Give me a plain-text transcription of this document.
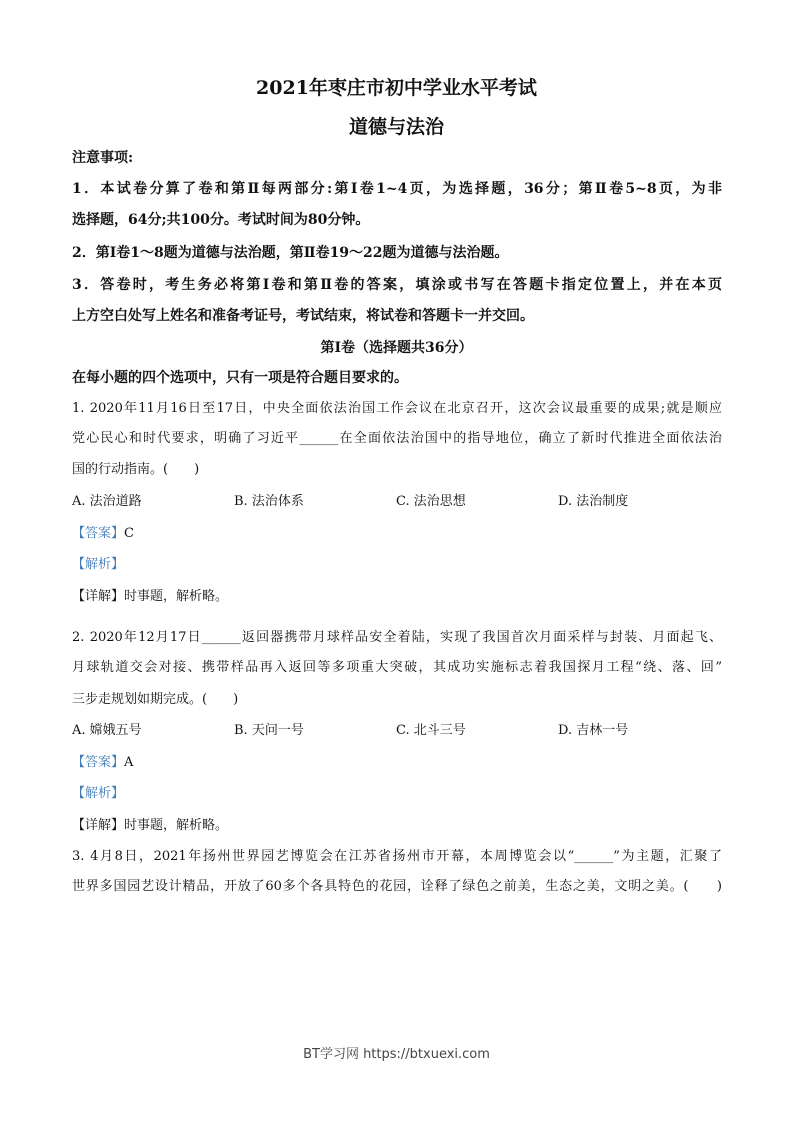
2021年枣庄市初中学业水平考试
道德与法治
注意事项:
1．本试卷分算了卷和第Ⅱ每两部分:第Ⅰ卷1~4页，为选择题，36分；第Ⅱ卷5~8页，为非
选择题，64分;共100分。考试时间为80分钟。
2．第I卷1～8题为道德与法治题，第Ⅱ卷19～22题为道德与法治题。
3．答卷时，考生务必将第Ⅰ卷和第Ⅱ卷的答案，填涂或书写在答题卡指定位置上，并在本页
上方空白处写上姓名和准备考证号，考试结束，将试卷和答题卡一并交回。
第I卷（选择题共36分）
在每小题的四个选项中，只有一项是符合题目要求的。
1. 2020年11月16日至17日，中央全面依法治国工作会议在北京召开，这次会议最重要的成果;就是顺应
党心民心和时代要求，明确了习近平______在全面依法治国中的指导地位，确立了新时代推进全面依法治
国的行动指南。(　　)
A. 法治道路	B. 法治体系	C. 法治思想	D. 法治制度
【答案】C
【解析】
【详解】时事题，解析略。
2. 2020年12月17日______返回器携带月球样品安全着陆，实现了我国首次月面采样与封装、月面起飞、
月球轨道交会对接、携带样品再入返回等多项重大突破，其成功实施标志着我国探月工程“绕、落、回”
三步走规划如期完成。(　　)
A. 嫦娥五号	B. 天问一号	C. 北斗三号	D. 吉林一号
【答案】A
【解析】
【详解】时事题，解析略。
3. 4月8日，2021年扬州世界园艺博览会在江苏省扬州市开幕，本周博览会以“______”为主题，汇聚了
世界多国园艺设计精品，开放了60多个各具特色的花园，诠释了绿色之前美，生态之美，文明之美。(　　)
BT学习网 https://btxuexi.com
